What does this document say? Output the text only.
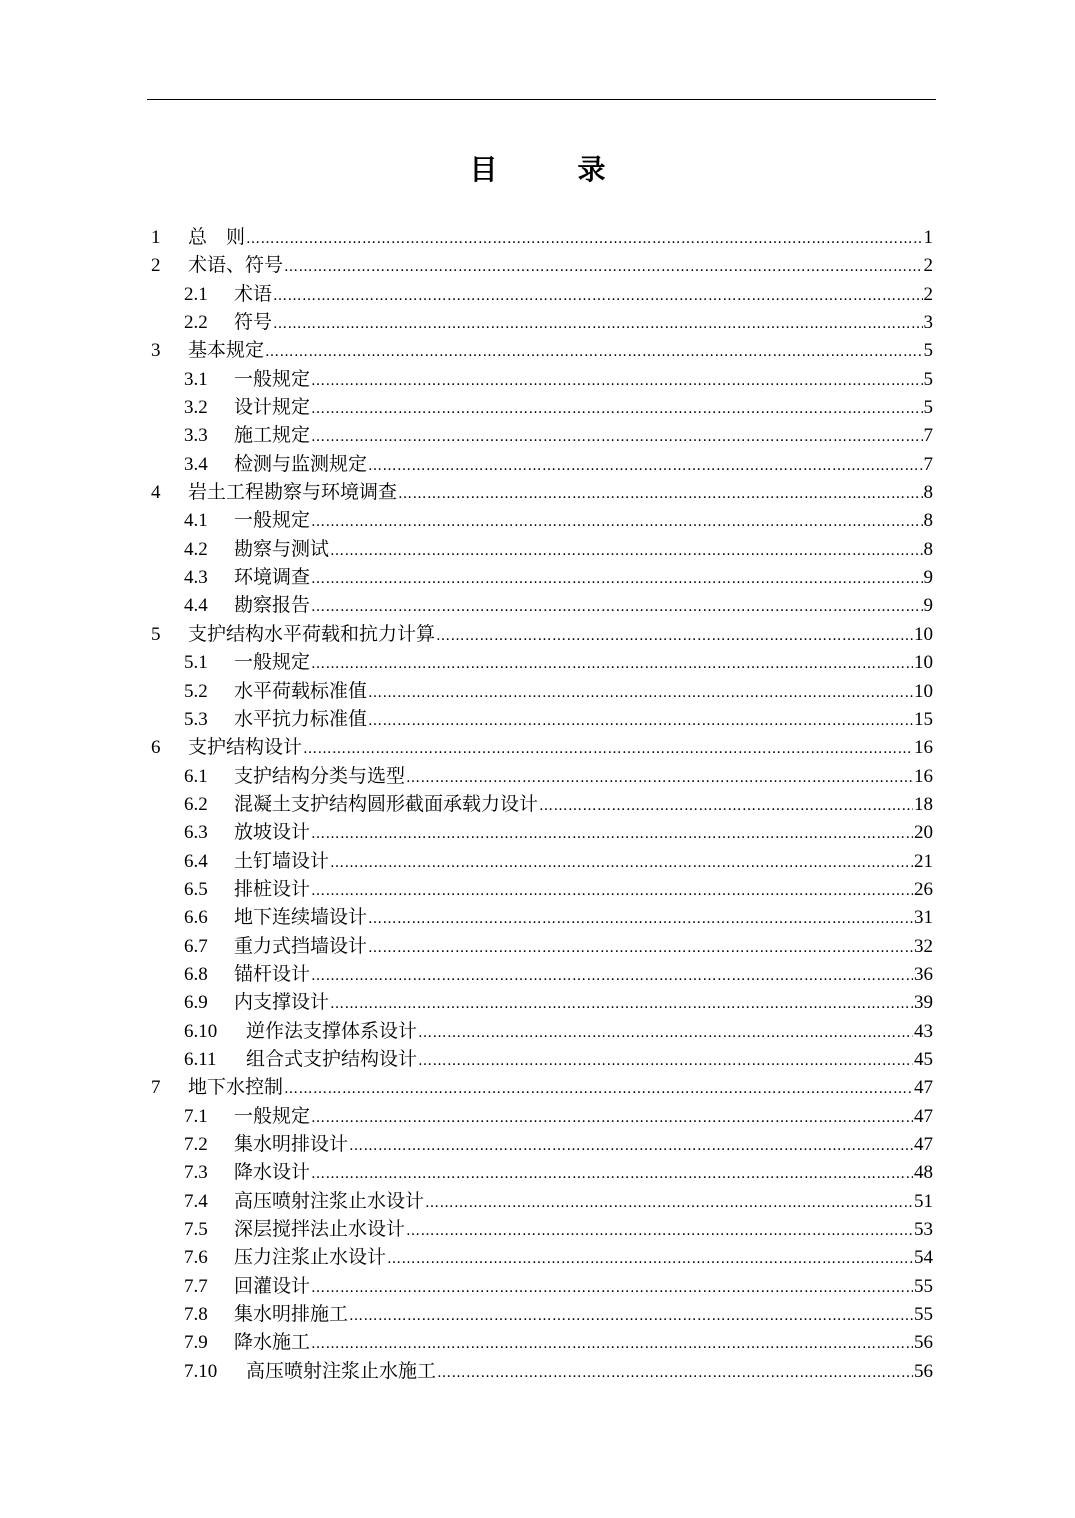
目　录
1	总　则 …………………………………………………………………………………………………………………………………………………………………………………………………………	1
2	术语、符号 …………………………………………………………………………………………………………………………………………………………………………………………………………	2
2.1	术语 …………………………………………………………………………………………………………………………………………………………………………………………………………	2
2.2	符号 …………………………………………………………………………………………………………………………………………………………………………………………………………	3
3	基本规定 …………………………………………………………………………………………………………………………………………………………………………………………………………	5
3.1	一般规定 …………………………………………………………………………………………………………………………………………………………………………………………………………	5
3.2	设计规定 …………………………………………………………………………………………………………………………………………………………………………………………………………	5
3.3	施工规定 …………………………………………………………………………………………………………………………………………………………………………………………………………	7
3.4	检测与监测规定 …………………………………………………………………………………………………………………………………………………………………………………………………………	7
4	岩土工程勘察与环境调查 …………………………………………………………………………………………………………………………………………………………………………………………………………	8
4.1	一般规定 …………………………………………………………………………………………………………………………………………………………………………………………………………	8
4.2	勘察与测试 …………………………………………………………………………………………………………………………………………………………………………………………………………	8
4.3	环境调查 …………………………………………………………………………………………………………………………………………………………………………………………………………	9
4.4	勘察报告 …………………………………………………………………………………………………………………………………………………………………………………………………………	9
5	支护结构水平荷载和抗力计算 …………………………………………………………………………………………………………………………………………………………………………………………………………	10
5.1	一般规定 …………………………………………………………………………………………………………………………………………………………………………………………………………	10
5.2	水平荷载标准值 …………………………………………………………………………………………………………………………………………………………………………………………………………	10
5.3	水平抗力标准值 …………………………………………………………………………………………………………………………………………………………………………………………………………	15
6	支护结构设计 …………………………………………………………………………………………………………………………………………………………………………………………………………	16
6.1	支护结构分类与选型 …………………………………………………………………………………………………………………………………………………………………………………………………………	16
6.2	混凝土支护结构圆形截面承载力设计 …………………………………………………………………………………………………………………………………………………………………………………………………………	18
6.3	放坡设计 …………………………………………………………………………………………………………………………………………………………………………………………………………	20
6.4	土钉墙设计 …………………………………………………………………………………………………………………………………………………………………………………………………………	21
6.5	排桩设计 …………………………………………………………………………………………………………………………………………………………………………………………………………	26
6.6	地下连续墙设计 …………………………………………………………………………………………………………………………………………………………………………………………………………	31
6.7	重力式挡墙设计 …………………………………………………………………………………………………………………………………………………………………………………………………………	32
6.8	锚杆设计 …………………………………………………………………………………………………………………………………………………………………………………………………………	36
6.9	内支撑设计 …………………………………………………………………………………………………………………………………………………………………………………………………………	39
6.10	逆作法支撑体系设计 …………………………………………………………………………………………………………………………………………………………………………………………………………	43
6.11	组合式支护结构设计 …………………………………………………………………………………………………………………………………………………………………………………………………………	45
7	地下水控制 …………………………………………………………………………………………………………………………………………………………………………………………………………	47
7.1	一般规定 …………………………………………………………………………………………………………………………………………………………………………………………………………	47
7.2	集水明排设计 …………………………………………………………………………………………………………………………………………………………………………………………………………	47
7.3	降水设计 …………………………………………………………………………………………………………………………………………………………………………………………………………	48
7.4	高压喷射注浆止水设计 …………………………………………………………………………………………………………………………………………………………………………………………………………	51
7.5	深层搅拌法止水设计 …………………………………………………………………………………………………………………………………………………………………………………………………………	53
7.6	压力注浆止水设计 …………………………………………………………………………………………………………………………………………………………………………………………………………	54
7.7	回灌设计 …………………………………………………………………………………………………………………………………………………………………………………………………………	55
7.8	集水明排施工 …………………………………………………………………………………………………………………………………………………………………………………………………………	55
7.9	降水施工 …………………………………………………………………………………………………………………………………………………………………………………………………………	56
7.10	高压喷射注浆止水施工 …………………………………………………………………………………………………………………………………………………………………………………………………………	56
